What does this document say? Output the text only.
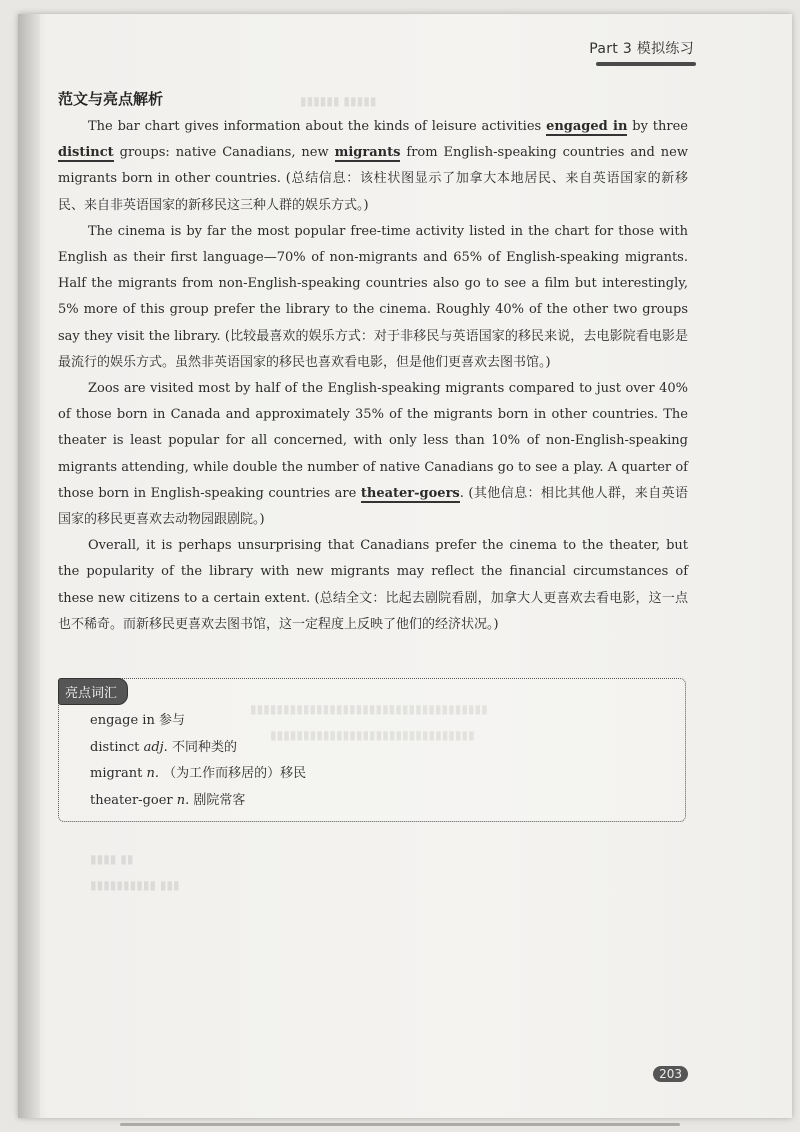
▮▮▮▮▮▮ ▮▮▮▮▮
▮▮▮▮▮▮▮▮▮▮▮▮▮▮▮▮▮▮▮▮▮▮▮▮▮▮▮▮▮▮▮▮▮▮▮▮
▮▮▮▮▮▮▮▮▮▮▮▮▮▮▮▮▮▮▮▮▮▮▮▮▮▮▮▮▮▮▮
▮▮▮▮ ▮▮
▮▮▮▮▮▮▮▮▮▮ ▮▮▮
Part 3 模拟练习
范文与亮点解析

The bar chart gives information about the kinds of leisure activities engaged in by three distinct groups: native Canadians, new migrants from English-speaking countries and new migrants born in other countries. (总结信息：该柱状图显示了加拿大本地居民、来自英语国家的新移民、来自非英语国家的新移民这三种人群的娱乐方式。)

The cinema is by far the most popular free-time activity listed in the chart for those with English as their first language—70% of non-migrants and 65% of English-speaking migrants. Half the migrants from non-English-speaking countries also go to see a film but interestingly, 5% more of this group prefer the library to the cinema. Roughly 40% of the other two groups say they visit the library. (比较最喜欢的娱乐方式：对于非移民与英语国家的移民来说，去电影院看电影是最流行的娱乐方式。虽然非英语国家的移民也喜欢看电影，但是他们更喜欢去图书馆。)

Zoos are visited most by half of the English-speaking migrants compared to just over 40% of those born in Canada and approximately 35% of the migrants born in other countries. The theater is least popular for all concerned, with only less than 10% of non-English-speaking migrants attending, while double the number of native Canadians go to see a play. A quarter of those born in English-speaking countries are theater-goers. (其他信息：相比其他人群，来自英语国家的移民更喜欢去动物园跟剧院。)

Overall, it is perhaps unsurprising that Canadians prefer the cinema to the theater, but the popularity of the library with new migrants may reflect the financial circumstances of these new citizens to a certain extent. (总结全文：比起去剧院看剧，加拿大人更喜欢去看电影，这一点也不稀奇。而新移民更喜欢去图书馆，这一定程度上反映了他们的经济状况。)

亮点词汇
engage in 参与
distinct adj. 不同种类的
migrant n. （为工作而移居的）移民
theater-goer n. 剧院常客
203
